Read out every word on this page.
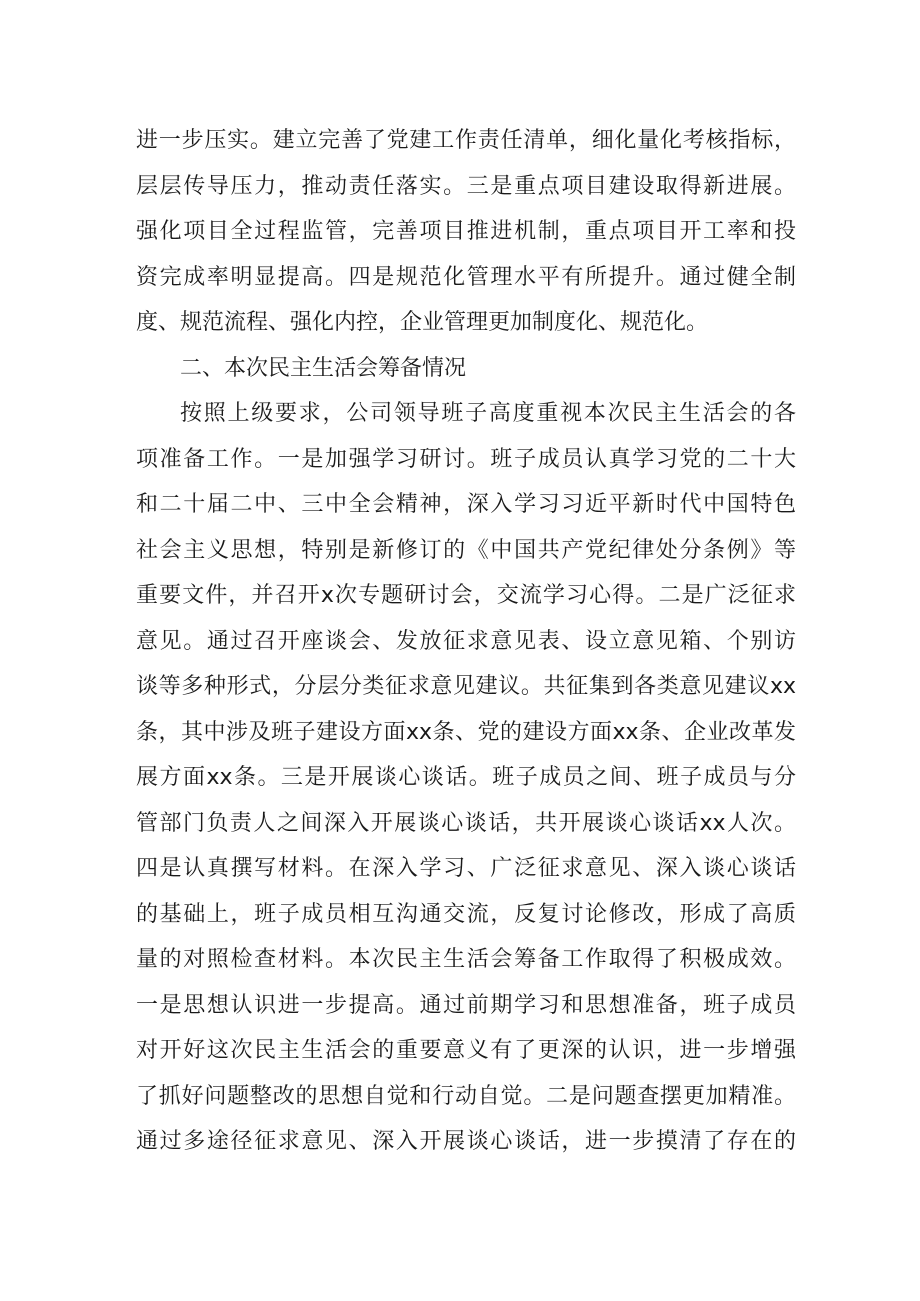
进一步压实。建立完善了党建工作责任清单，细化量化考核指标，
层层传导压力，推动责任落实。三是重点项目建设取得新进展。
强化项目全过程监管，完善项目推进机制，重点项目开工率和投
资完成率明显提高。四是规范化管理水平有所提升。通过健全制
度、规范流程、强化内控，企业管理更加制度化、规范化。
二、本次民主生活会筹备情况
按照上级要求，公司领导班子高度重视本次民主生活会的各
项准备工作。一是加强学习研讨。班子成员认真学习党的二十大
和二十届二中、三中全会精神，深入学习习近平新时代中国特色
社会主义思想，特别是新修订的《中国共产党纪律处分条例》等
重要文件，并召开x次专题研讨会，交流学习心得。二是广泛征求
意见。通过召开座谈会、发放征求意见表、设立意见箱、个别访
谈等多种形式，分层分类征求意见建议。共征集到各类意见建议xx
条，其中涉及班子建设方面xx条、党的建设方面xx条、企业改革发
展方面xx条。三是开展谈心谈话。班子成员之间、班子成员与分
管部门负责人之间深入开展谈心谈话，共开展谈心谈话xx人次。
四是认真撰写材料。在深入学习、广泛征求意见、深入谈心谈话
的基础上，班子成员相互沟通交流，反复讨论修改，形成了高质
量的对照检查材料。本次民主生活会筹备工作取得了积极成效。
一是思想认识进一步提高。通过前期学习和思想准备，班子成员
对开好这次民主生活会的重要意义有了更深的认识，进一步增强
了抓好问题整改的思想自觉和行动自觉。二是问题查摆更加精准。
通过多途径征求意见、深入开展谈心谈话，进一步摸清了存在的
